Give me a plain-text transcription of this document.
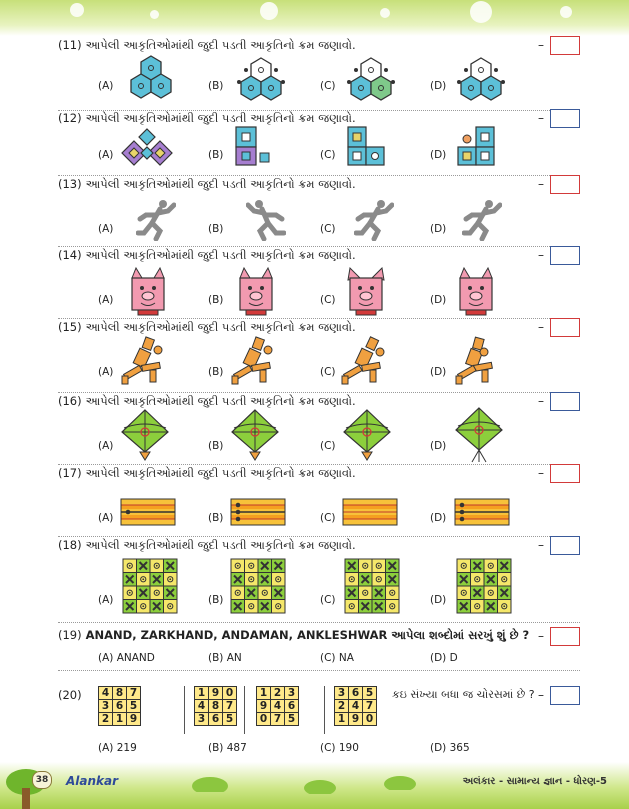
(11) આપેલી આકૃતિઓમાંથી જુદી પડતી આકૃતિનો ક્રમ જણાવો.	–
(A)	(B)	(C)	(D)
(12) આપેલી આકૃતિઓમાંથી જુદી પડતી આકૃતિનો ક્રમ જણાવો.	–
(A)	(B)	(C)	(D)
(13) આપેલી આકૃતિઓમાંથી જુદી પડતી આકૃતિનો ક્રમ જણાવો.	–
(A)	(B)	(C)	(D)
(14) આપેલી આકૃતિઓમાંથી જુદી પડતી આકૃતિનો ક્રમ જણાવો.	–
(A)	(B)	(C)	(D)
(15) આપેલી આકૃતિઓમાંથી જુદી પડતી આકૃતિનો ક્રમ જણાવો.	–
(A)	(B)	(C)	(D)
(16) આપેલી આકૃતિઓમાંથી જુદી પડતી આકૃતિનો ક્રમ જણાવો.	–
(A)	(B)	(C)	(D)
(17) આપેલી આકૃતિઓમાંથી જુદી પડતી આકૃતિનો ક્રમ જણાવો.	–
(A)	(B)	(C)	(D)
(18) આપેલી આકૃતિઓમાંથી જુદી પડતી આકૃતિનો ક્રમ જણાવો.	–
(A)	(B)	(C)	(D)
(19) ANAND, ZARKHAND, ANDAMAN, ANKLESHWAR આપેલા શબ્દોમાં સરખું શું છે ? –
(A) ANAND	(B) AN	(C) NA	(D) D
(20) 4	8	7
3	6	5
2	1	9
1	9	0
4	8	7
3	6	5
1	2	3
9	4	6
0	7	5
3	6	5
2	4	7
1	9	0
કઇ સંખ્યા બધા જ ચોરસમાં છે ? –
(A) 219	(B) 487	(C) 190	(D) 365
38	Alankar	અલંકાર - સામાન્ય જ્ઞાન - ધોરણ-5
